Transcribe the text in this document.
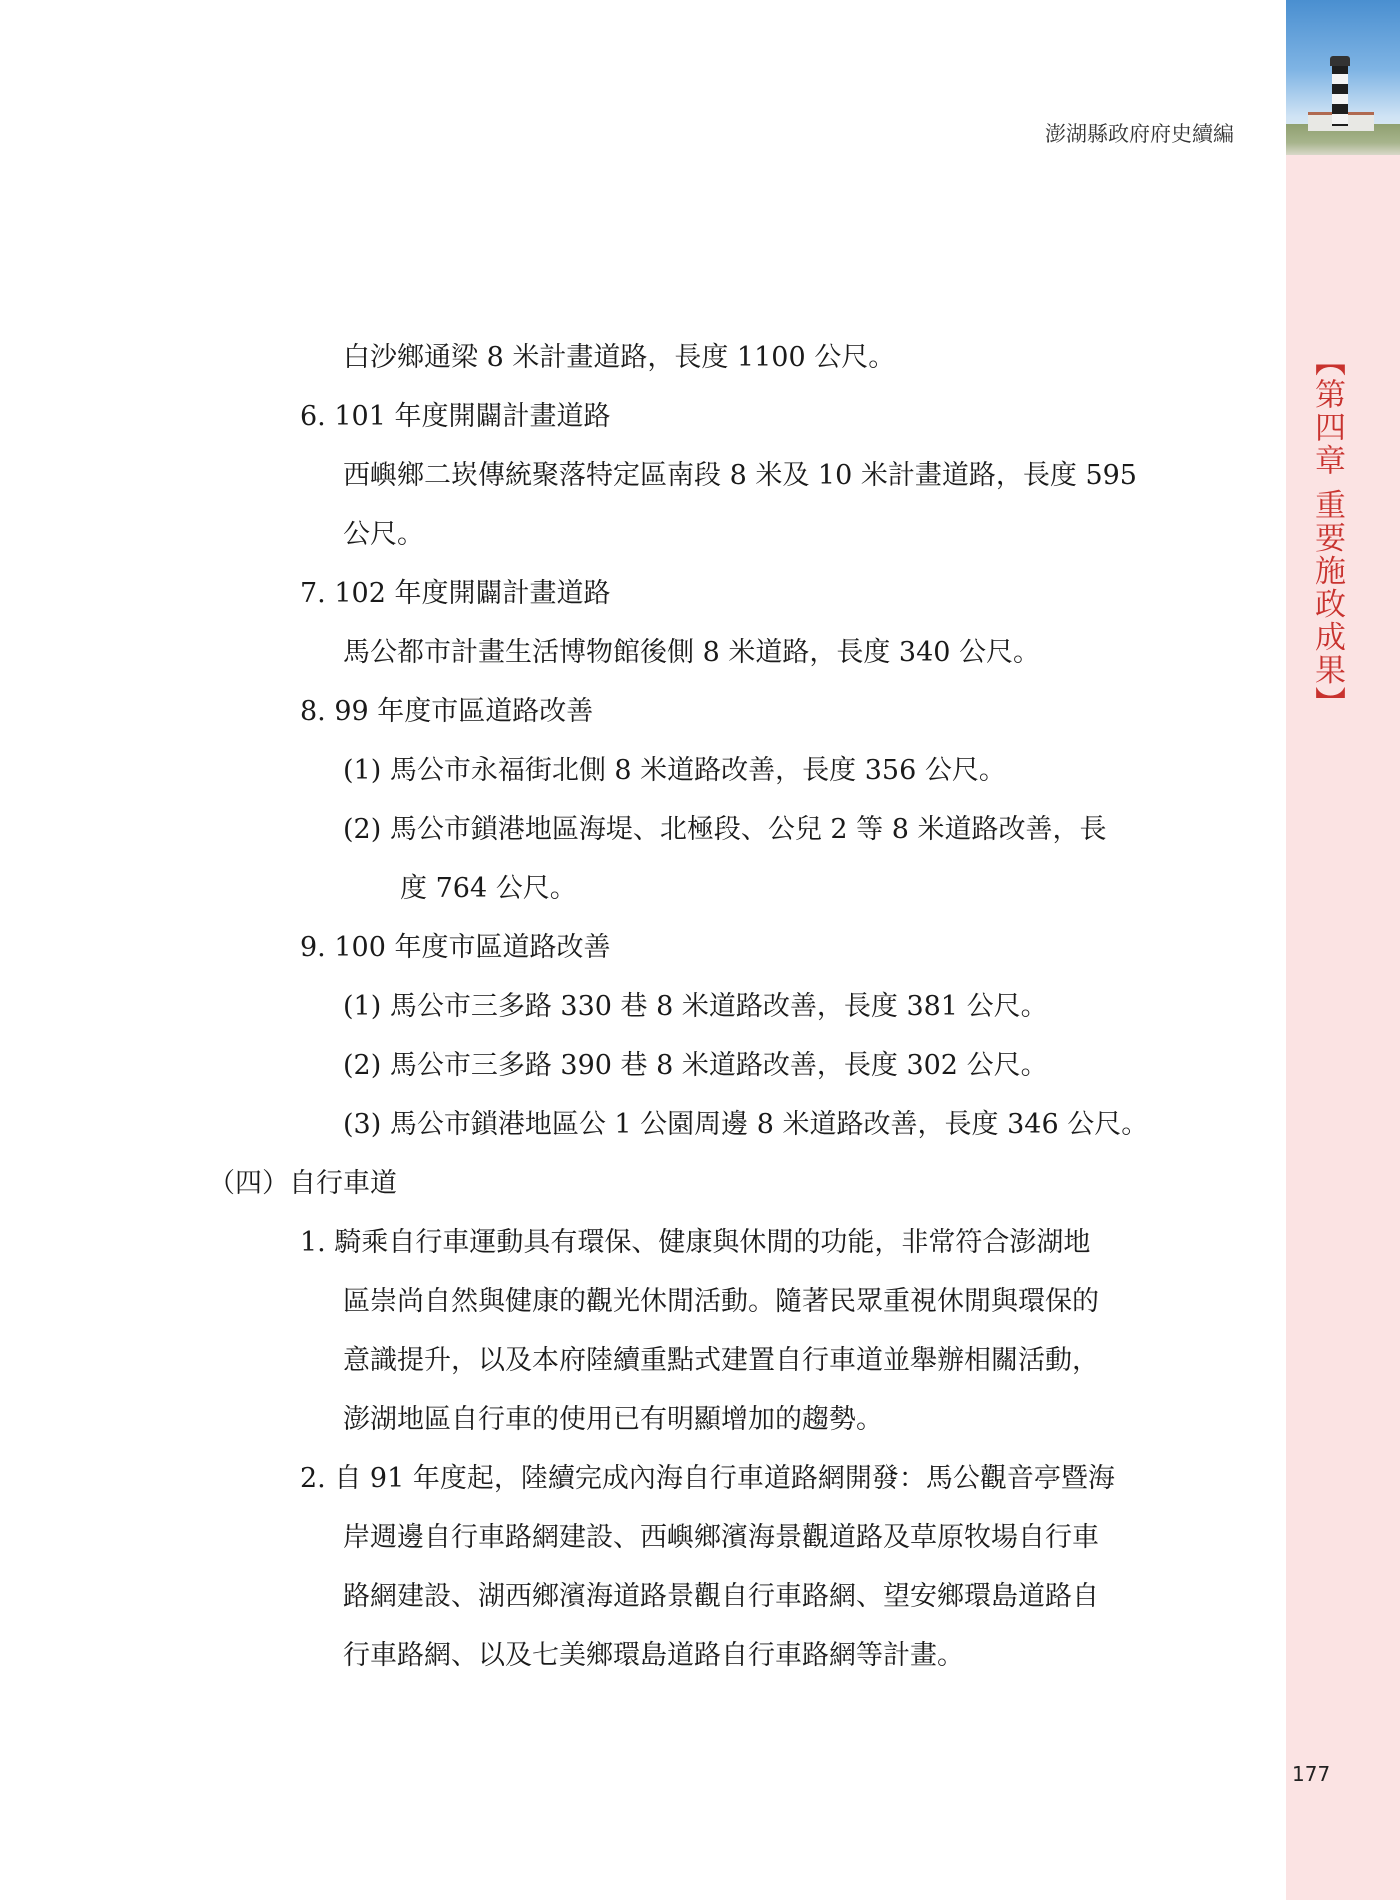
澎湖縣政府府史續編
【第四章 重要施政成果】
白沙鄉通梁 8 米計畫道路，長度 1100 公尺。
6. 101 年度開闢計畫道路
西嶼鄉二崁傳統聚落特定區南段 8 米及 10 米計畫道路，長度 595
公尺。
7. 102 年度開闢計畫道路
馬公都市計畫生活博物館後側 8 米道路，長度 340 公尺。
8. 99 年度市區道路改善
(1) 馬公市永福街北側 8 米道路改善，長度 356 公尺。
(2) 馬公市鎖港地區海堤、北極段、公兒 2 等 8 米道路改善，長
度 764 公尺。
9. 100 年度市區道路改善
(1) 馬公市三多路 330 巷 8 米道路改善，長度 381 公尺。
(2) 馬公市三多路 390 巷 8 米道路改善，長度 302 公尺。
(3) 馬公市鎖港地區公 1 公園周邊 8 米道路改善，長度 346 公尺。
（四）自行車道
1. 騎乘自行車運動具有環保、健康與休閒的功能，非常符合澎湖地
區崇尚自然與健康的觀光休閒活動。隨著民眾重視休閒與環保的
意識提升，以及本府陸續重點式建置自行車道並舉辦相關活動，
澎湖地區自行車的使用已有明顯增加的趨勢。
2. 自 91 年度起，陸續完成內海自行車道路網開發：馬公觀音亭暨海
岸週邊自行車路網建設、西嶼鄉濱海景觀道路及草原牧場自行車
路網建設、湖西鄉濱海道路景觀自行車路網、望安鄉環島道路自
行車路網、以及七美鄉環島道路自行車路網等計畫。
177
